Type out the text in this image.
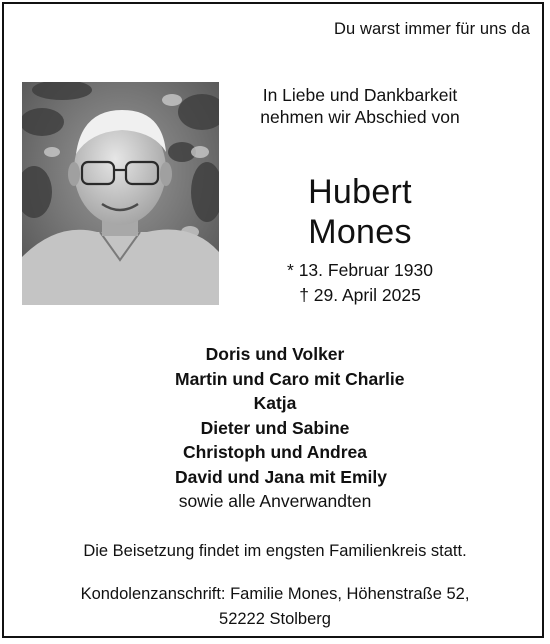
Du warst immer für uns da
In Liebe und Dankbarkeit
nehmen wir Abschied von
Hubert
Mones
* 13. Februar 1930
† 29. April 2025
Doris und Volker
Martin und Caro mit Charlie
Katja
Dieter und Sabine
Christoph und Andrea
David und Jana mit Emily
sowie alle Anverwandten
Die Beisetzung findet im engsten Familienkreis statt.
Kondolenzanschrift: Familie Mones, Höhenstraße 52,
52222 Stolberg
